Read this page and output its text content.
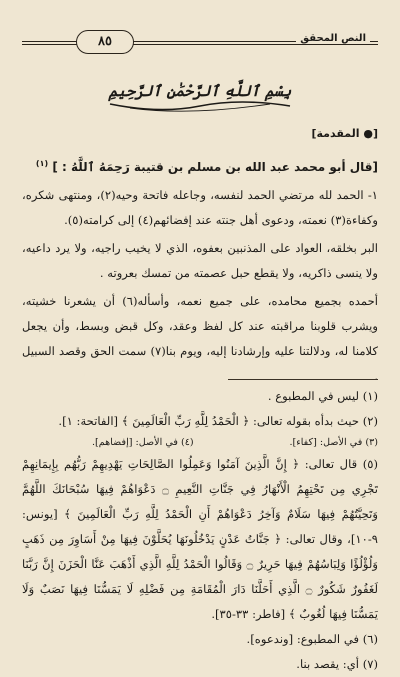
النص المحقق
٨٥
بِسْمِ ٱللَّهِ ٱلرَّحْمَٰنِ ٱلرَّحِيمِ
[● المقدمة]
[قال أبو محمد عبد الله بن مسلم بن قتيبة رَحِمَهُ ٱللَّهُ : ] $^{(١)}$

١- الحمد لله مرتضي الحمد لنفسه، وجاعله فاتحة وحيه(٢)، ومنتهى شكره، وكفاءة(٣) نعمته، ودعوى أهل جنته عند إفضائهم(٤) إلى كرامته(٥).

البر بخلقه، العواد على المذنبين بعفوه، الذي لا يخيب راجيه، ولا يرد داعيه، ولا ينسى ذاكريه، ولا يقطع حبل عصمته من تمسك بعروته .

أحمده بجميع محامده، على جميع نعمه، وأسأله(٦) أن يشعرنا خشيته، ويشرب قلوبنا مراقبته عند كل لفظ وعقد، وكل قبض وبسط، وأن يجعل كلامنا له، ودلالتنا عليه وإرشادنا إليه، ويوم بنا(٧) سمت الحق وقصد السبيل .

(١) ليس في المطبوع .

(٢) حيث بدأه بقوله تعالى: ﴿ الْحَمْدُ لِلَّهِ رَبِّ الْعَالَمِينَ ﴾ [الفاتحة: ١].

(٣) في الأصل: [كفاء].
(٤) في الأصل: [إفضاهم].

(٥) قال تعالى: ﴿ إِنَّ الَّذِينَ آمَنُوا وَعَمِلُوا الصَّالِحَاتِ يَهْدِيهِمْ رَبُّهُم بِإِيمَانِهِمْ تَجْرِي مِن تَحْتِهِمُ الْأَنْهَارُ فِي جَنَّاتِ النَّعِيمِ ۝ دَعْوَاهُمْ فِيهَا سُبْحَانَكَ اللَّهُمَّ وَتَحِيَّتُهُمْ فِيهَا سَلَامٌ وَآخِرُ دَعْوَاهُمْ أَنِ الْحَمْدُ لِلَّهِ رَبِّ الْعَالَمِينَ ﴾ [يونس: ٩-١٠]، وقال تعالى: ﴿ جَنَّاتُ عَدْنٍ يَدْخُلُونَهَا يُحَلَّوْنَ فِيهَا مِنْ أَسَاوِرَ مِن ذَهَبٍ وَلُؤْلُؤًا وَلِبَاسُهُمْ فِيهَا حَرِيرٌ ۝ وَقَالُوا الْحَمْدُ لِلَّهِ الَّذِي أَذْهَبَ عَنَّا الْحَزَنَ إِنَّ رَبَّنَا لَغَفُورٌ شَكُورٌ ۝ الَّذِي أَحَلَّنَا دَارَ الْمُقَامَةِ مِن فَضْلِهِ لَا يَمَسُّنَا فِيهَا نَصَبٌ وَلَا يَمَسُّنَا فِيهَا لُغُوبٌ ﴾ [فاطر: ٣٣-٣٥].

(٦) في المطبوع: [وندعوه].

(٧) أي: يقصد بنا.
